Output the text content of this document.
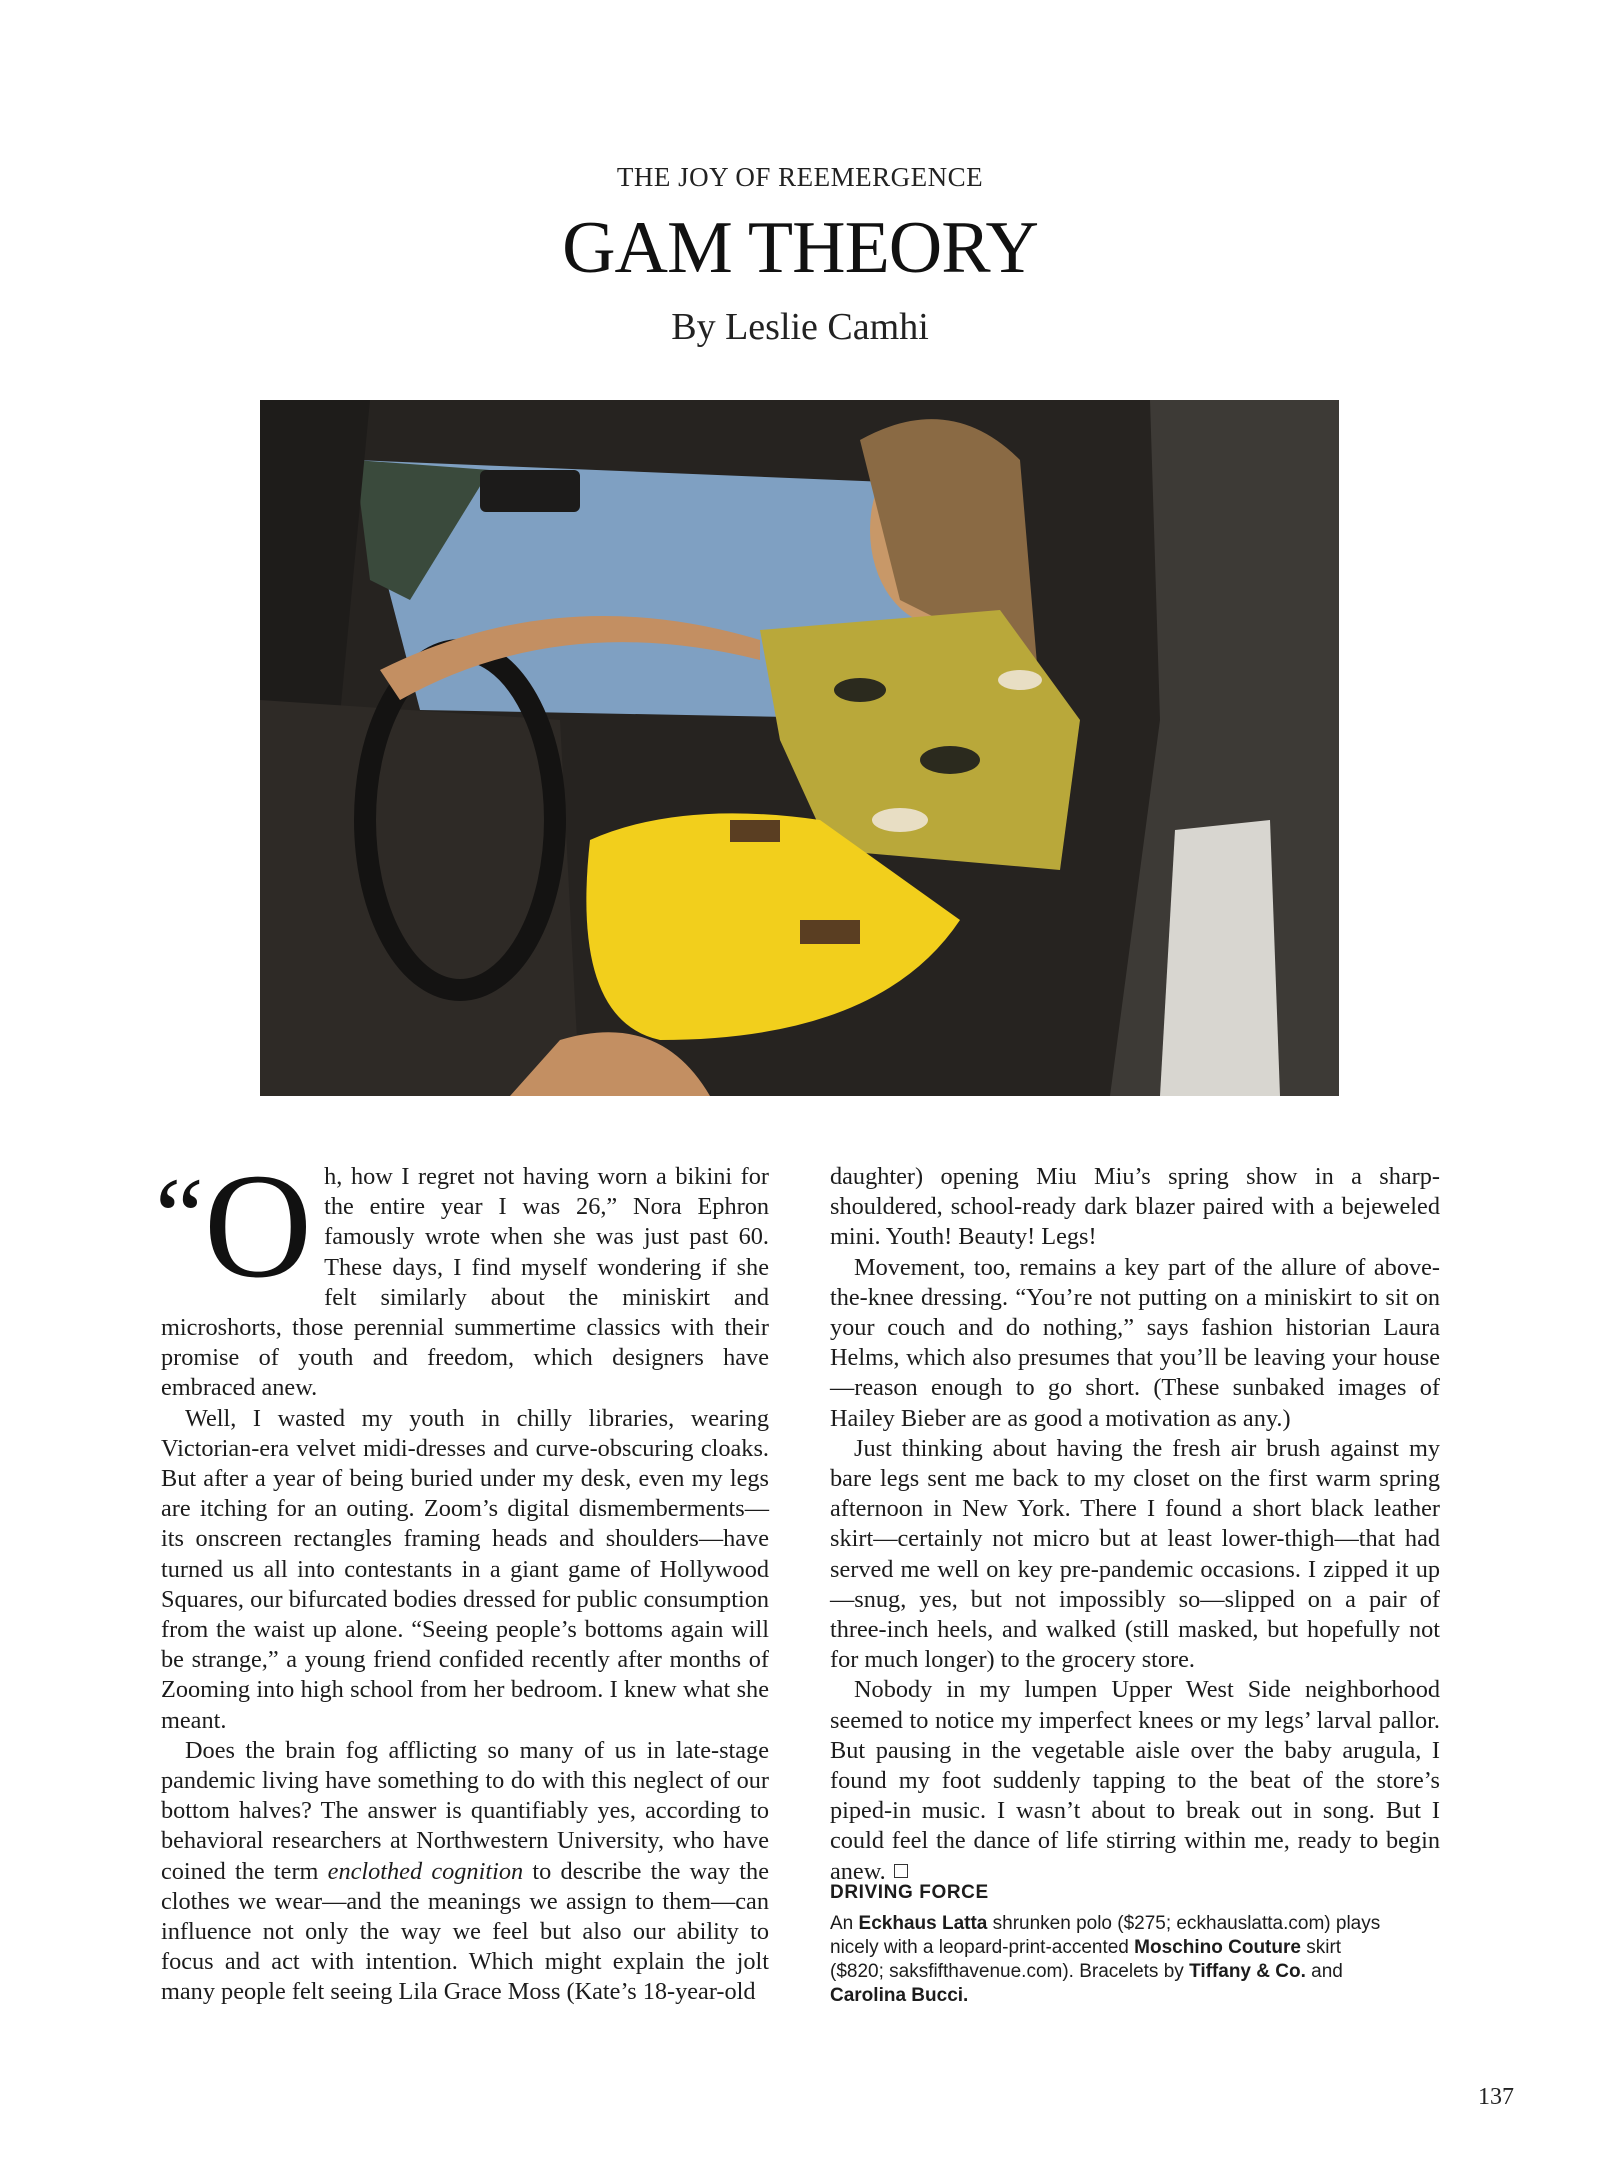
THE JOY OF REEMERGENCE
GAM THEORY
By Leslie Camhi

“O h, how I regret not having worn a bikini for the entire year I was 26,” Nora Ephron famously wrote when she was just past 60. These days, I find myself wondering if she felt similarly about the miniskirt and microshorts, those perennial summertime classics with their promise of youth and freedom, which designers have embraced anew.

Well, I wasted my youth in chilly libraries, wearing Victorian-era velvet midi-dresses and curve-obscuring cloaks. But after a year of being buried under my desk, even my legs are itching for an outing. Zoom’s digital dismemberments—its onscreen rectangles framing heads and shoulders—have turned us all into contestants in a giant game of Hollywood Squares, our bifurcated bodies dressed for public consumption from the waist up alone. “Seeing people’s bottoms again will be strange,” a young friend confided recently after months of Zooming into high school from her bedroom. I knew what she meant.

Does the brain fog afflicting so many of us in late-stage pandemic living have something to do with this neglect of our bottom halves? The answer is quantifiably yes, according to behavioral researchers at Northwestern University, who have coined the term enclothed cognition to describe the way the clothes we wear—and the meanings we assign to them—can influence not only the way we feel but also our ability to focus and act with intention. Which might explain the jolt many people felt seeing Lila Grace Moss (Kate’s 18-year-old

daughter) opening Miu Miu’s spring show in a sharp-shouldered, school-ready dark blazer paired with a bejeweled mini. Youth! Beauty! Legs!

Movement, too, remains a key part of the allure of above-the-knee dressing. “You’re not putting on a miniskirt to sit on your couch and do nothing,” says fashion historian Laura Helms, which also presumes that you’ll be leaving your house—reason enough to go short. (These sunbaked images of Hailey Bieber are as good a motivation as any.)

Just thinking about having the fresh air brush against my bare legs sent me back to my closet on the first warm spring afternoon in New York. There I found a short black leather skirt—certainly not micro but at least lower-thigh—that had served me well on key pre-pandemic occasions. I zipped it up—snug, yes, but not impossibly so—slipped on a pair of three-inch heels, and walked (still masked, but hopefully not for much longer) to the grocery store.

Nobody in my lumpen Upper West Side neighborhood seemed to notice my imperfect knees or my legs’ larval pallor. But pausing in the vegetable aisle over the baby arugula, I found my foot suddenly tapping to the beat of the store’s piped-in music. I wasn’t about to break out in song. But I could feel the dance of life stirring within me, ready to begin anew.

DRIVING FORCE
An Eckhaus Latta shrunken polo ($275; eckhauslatta.com) plays nicely with a leopard-print-accented Moschino Couture skirt ($820; saksfifthavenue.com). Bracelets by Tiffany & Co. and Carolina Bucci.
137
